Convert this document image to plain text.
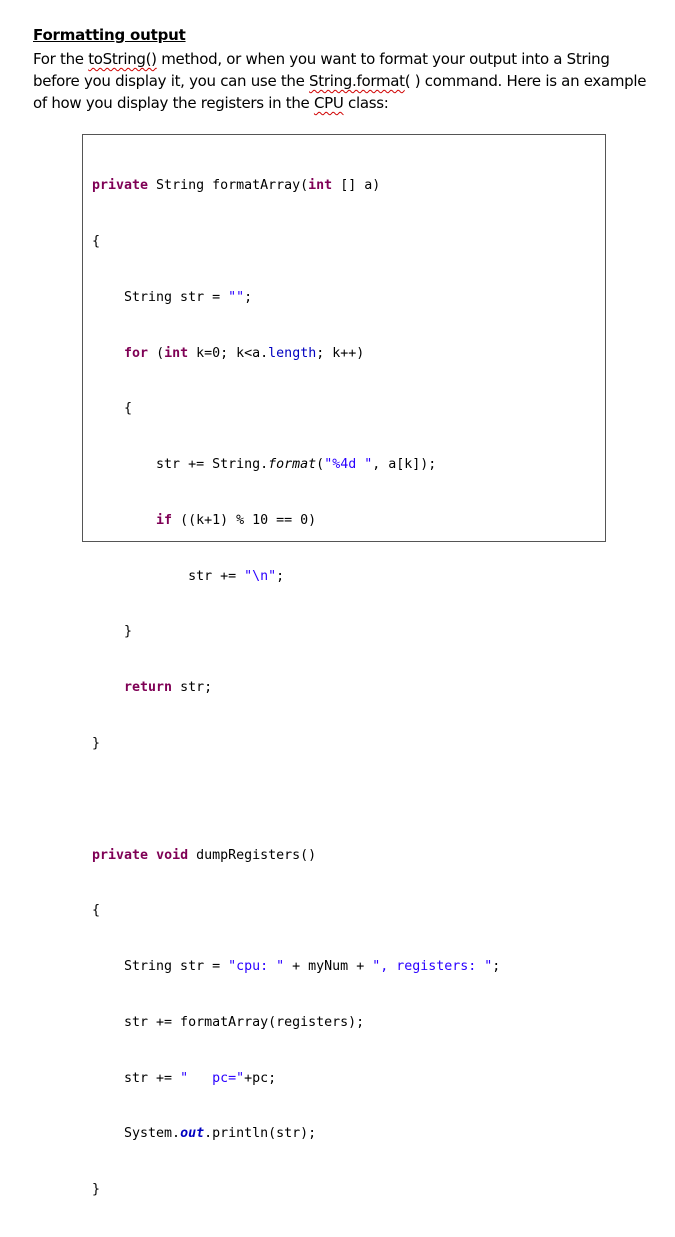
Formatting output
For the toString() method, or when you want to format your output into a String before you display it, you can use the String.format( ) command. Here is an example of how you display the registers in the CPU class:

private String formatArray(int [] a)

{

String str = "";

for (int k=0; k<a.length; k++)

{

str += String.format("%4d ", a[k]);

if ((k+1) % 10 == 0)

str += "\n";

}

return str;

}

private void dumpRegisters()

{

String str = "cpu: " + myNum + ", registers: ";

str += formatArray(registers);

str += "   pc="+pc;

System.out.println(str);

}
